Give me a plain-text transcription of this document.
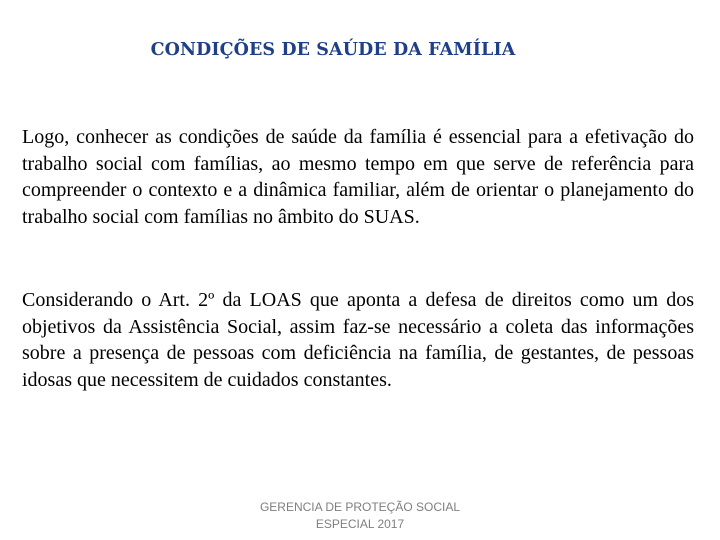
CONDIÇÕES DE SAÚDE DA FAMÍLIA

Logo, conhecer as condições de saúde da família é essencial para a efetivação do trabalho social com famílias, ao mesmo tempo em que serve de referência para compreender o contexto e a dinâmica familiar, além de orientar o planejamento do trabalho social com famílias no âmbito do SUAS.

Considerando o Art. 2º da LOAS que aponta a defesa de direitos como um dos objetivos da Assistência Social, assim faz-se necessário a coleta das informações sobre a presença de pessoas com deficiência na família, de gestantes, de pessoas idosas que necessitem de cuidados constantes.

GERENCIA DE PROTEÇÃO SOCIAL
ESPECIAL 2017
